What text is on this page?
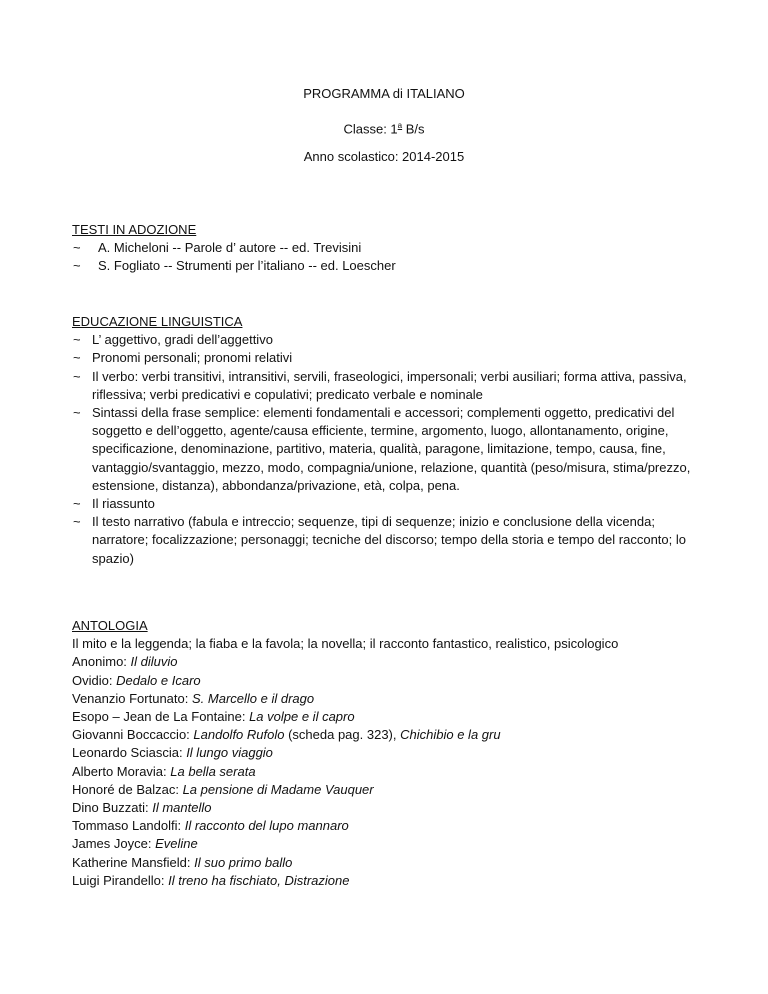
PROGRAMMA di ITALIANO
Classe: 1$^a$ B/s
Anno scolastico: 2014-2015
TESTI IN ADOZIONE
~ A. Micheloni -- Parole d’ autore -- ed. Trevisini
~ S. Fogliato -- Strumenti per l’italiano -- ed. Loescher
EDUCAZIONE LINGUISTICA
~ L’ aggettivo, gradi dell’aggettivo
~ Pronomi personali; pronomi relativi
~ Il verbo: verbi transitivi, intransitivi, servili, fraseologici, impersonali; verbi ausiliari; forma attiva, passiva, riflessiva; verbi predicativi e copulativi; predicato verbale e nominale
~ Sintassi della frase semplice: elementi fondamentali e accessori; complementi oggetto, predicativi del soggetto e dell’oggetto, agente/causa efficiente, termine, argomento, luogo, allontanamento, origine, specificazione, denominazione, partitivo, materia, qualità, paragone, limitazione, tempo, causa, fine, vantaggio/svantaggio, mezzo, modo, compagnia/unione, relazione, quantità (peso/misura, stima/prezzo, estensione, distanza), abbondanza/privazione, età, colpa, pena.
~ Il riassunto
~ Il testo narrativo (fabula e intreccio; sequenze, tipi di sequenze; inizio e conclusione della vicenda; narratore; focalizzazione; personaggi; tecniche del discorso; tempo della storia e tempo del racconto; lo spazio)
ANTOLOGIA
Il mito e la leggenda; la fiaba e la favola; la novella; il racconto fantastico, realistico, psicologico
Anonimo: Il diluvio
Ovidio: Dedalo e Icaro
Venanzio Fortunato: S. Marcello e il drago
Esopo – Jean de La Fontaine: La volpe e il capro
Giovanni Boccaccio: Landolfo Rufolo (scheda pag. 323), Chichibio e la gru
Leonardo Sciascia: Il lungo viaggio
Alberto Moravia: La bella serata
Honoré de Balzac: La pensione di Madame Vauquer
Dino Buzzati: Il mantello
Tommaso Landolfi: Il racconto del lupo mannaro
James Joyce: Eveline
Katherine Mansfield: Il suo primo ballo
Luigi Pirandello: Il treno ha fischiato, Distrazione
